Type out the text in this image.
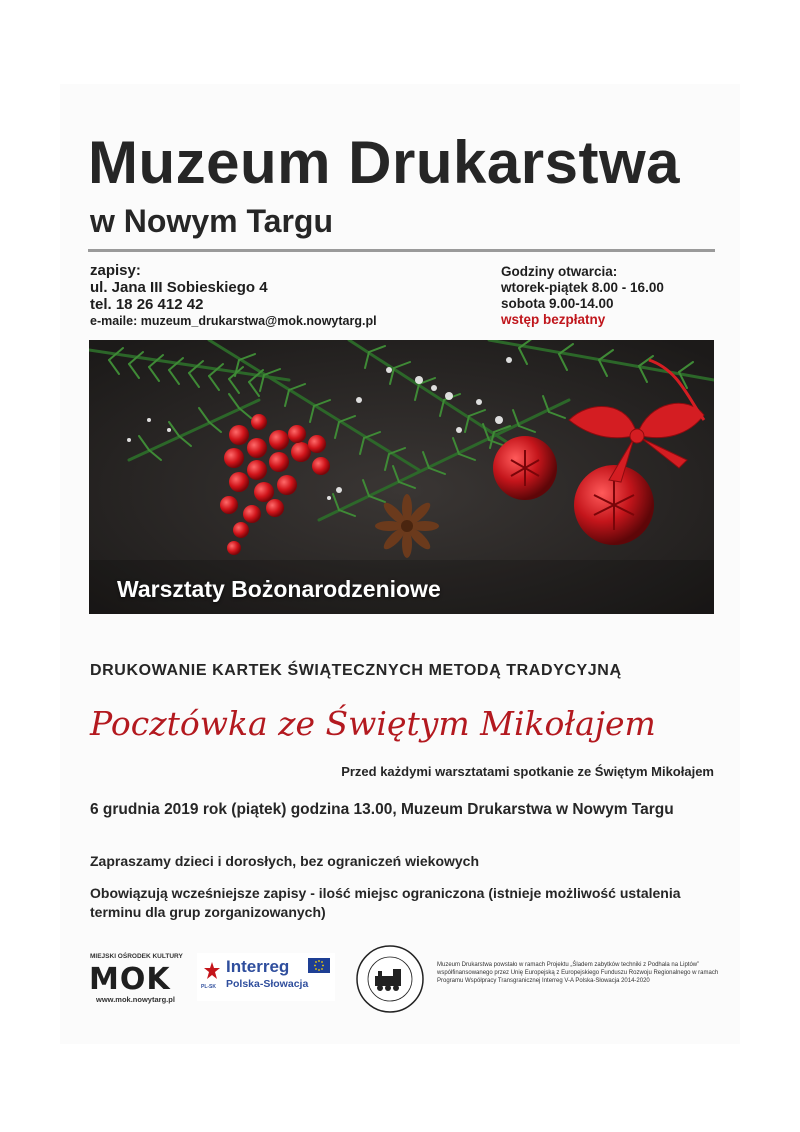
Muzeum Drukarstwa
w Nowym Targu
zapisy:
ul. Jana III Sobieskiego 4
tel. 18 26 412 42
e-maile: muzeum_drukarstwa@mok.nowytarg.pl
Godziny otwarcia:
wtorek-piątek 8.00 - 16.00
sobota 9.00-14.00
wstęp bezpłatny
Warsztaty Bożonarodzeniowe
DRUKOWANIE KARTEK ŚWIĄTECZNYCH METODĄ TRADYCYJNĄ
Pocztówka ze Świętym Mikołajem
Przed każdymi warsztatami spotkanie ze Świętym Mikołajem
6 grudnia 2019 rok (piątek) godzina 13.00, Muzeum Drukarstwa w Nowym Targu
Zapraszamy dzieci i dorosłych, bez ograniczeń wiekowych
Obowiązują wcześniejsze zapisy - ilość miejsc ograniczona (istnieje możliwość ustalenia terminu dla grup zorganizowanych)
MIEJSKI OŚRODEK KULTURY
MOK
www.mok.nowytarg.pl
PL-SK
Interreg
Polska-Słowacja
Muzeum Drukarstwa powstało w ramach Projektu „Śladem zabytków techniki z Podhala na Liptów” współfinansowanego przez Unię Europejską z Europejskiego Funduszu Rozwoju Regionalnego w ramach Programu Współpracy Transgranicznej Interreg V-A Polska-Słowacja 2014-2020
